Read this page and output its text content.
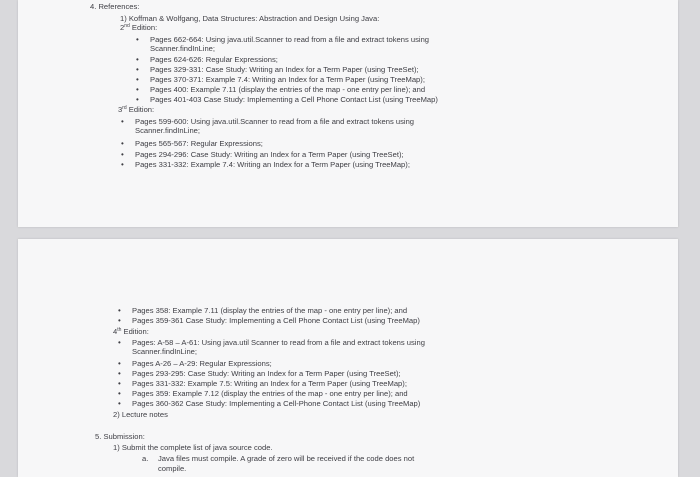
4. References:
1) Koffman & Wolfgang, Data Structures: Abstraction and Design Using Java:
2nd Edition:
• Pages 662-664: Using java.util.Scanner to read from a file and extract tokens using
Scanner.findInLine;
• Pages 624-626: Regular Expressions;
• Pages 329-331: Case Study: Writing an Index for a Term Paper (using TreeSet);
• Pages 370-371: Example 7.4: Writing an Index for a Term Paper (using TreeMap);
• Pages 400: Example 7.11 (display the entries of the map - one entry per line); and
• Pages 401-403 Case Study: Implementing a Cell Phone Contact List (using TreeMap)
3rd Edition:
• Pages 599-600: Using java.util.Scanner to read from a file and extract tokens using
Scanner.findInLine;
• Pages 565-567: Regular Expressions;
• Pages 294-296: Case Study: Writing an Index for a Term Paper (using TreeSet);
• Pages 331-332: Example 7.4: Writing an Index for a Term Paper (using TreeMap);
• Pages 358: Example 7.11 (display the entries of the map - one entry per line); and
• Pages 359-361 Case Study: Implementing a Cell Phone Contact List (using TreeMap)
4th Edition:
• Pages: A-58 – A-61: Using java.util Scanner to read from a file and extract tokens using
Scanner.findInLine;
• Pages A-26 – A-29: Regular Expressions;
• Pages 293-295: Case Study: Writing an Index for a Term Paper (using TreeSet);
• Pages 331-332: Example 7.5: Writing an Index for a Term Paper (using TreeMap);
• Pages 359: Example 7.12 (display the entries of the map - one entry per line); and
• Pages 360-362 Case Study: Implementing a Cell-Phone Contact List (using TreeMap)
2) Lecture notes
5. Submission:
1) Submit the complete list of java source code.
a. Java files must compile. A grade of zero will be received if the code does not
compile.
